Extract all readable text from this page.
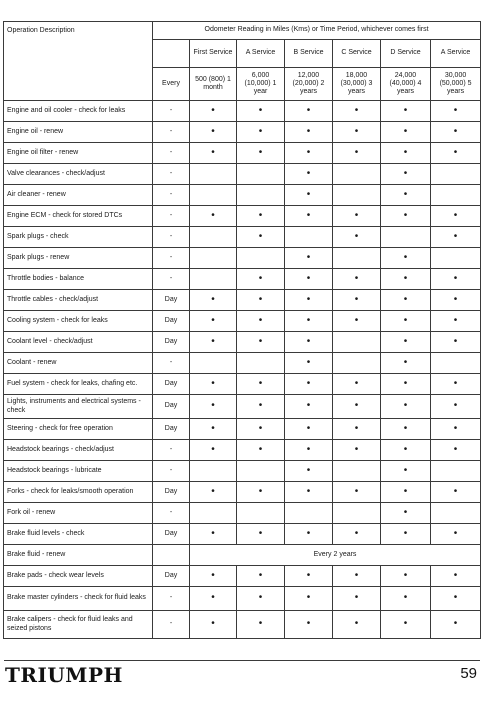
Operation Description	Odometer Reading in Miles (Kms) or Time Period, whichever comes first						
		First Service	A Service	B Service	C Service	D Service	A Service
	Every	500 (800) 1 month	6,000 (10,000) 1 year	12,000 (20,000) 2 years	18,000 (30,000) 3 years	24,000 (40,000) 4 years	30,000 (50,000) 5 years
Engine and oil cooler - check for leaks	-	•	•	•	•	•	•
Engine oil - renew	-	•	•	•	•	•	•
Engine oil filter - renew	-	•	•	•	•	•	•
Valve clearances - check/adjust	-			•		•	
Air cleaner - renew	-			•		•	
Engine ECM - check for stored DTCs	-	•	•	•	•	•	•
Spark plugs - check	-		•		•		•
Spark plugs - renew	-			•		•	
Throttle bodies - balance	-		•	•	•	•	•
Throttle cables - check/adjust	Day	•	•	•	•	•	•
Cooling system - check for leaks	Day	•	•	•	•	•	•
Coolant level - check/adjust	Day	•	•	•		•	•
Coolant - renew	-			•		•	
Fuel system - check for leaks, chafing etc.	Day	•	•	•	•	•	•
Lights, instruments and electrical systems - check	Day	•	•	•	•	•	•
Steering - check for free operation	Day	•	•	•	•	•	•
Headstock bearings - check/adjust	-	•	•	•	•	•	•
Headstock bearings - lubricate	-			•		•	
Forks - check for leaks/smooth operation	Day	•	•	•	•	•	•
Fork oil - renew	-					•	
Brake fluid levels - check	Day	•	•	•	•	•	•
Brake fluid - renew		Every 2 years					
Brake pads - check wear levels	Day	•	•	•	•	•	•
Brake master cylinders - check for fluid leaks	-	•	•	•	•	•	•
Brake calipers - check for fluid leaks and seized pistons	-	•	•	•	•	•	•
TRIUMPH	59
